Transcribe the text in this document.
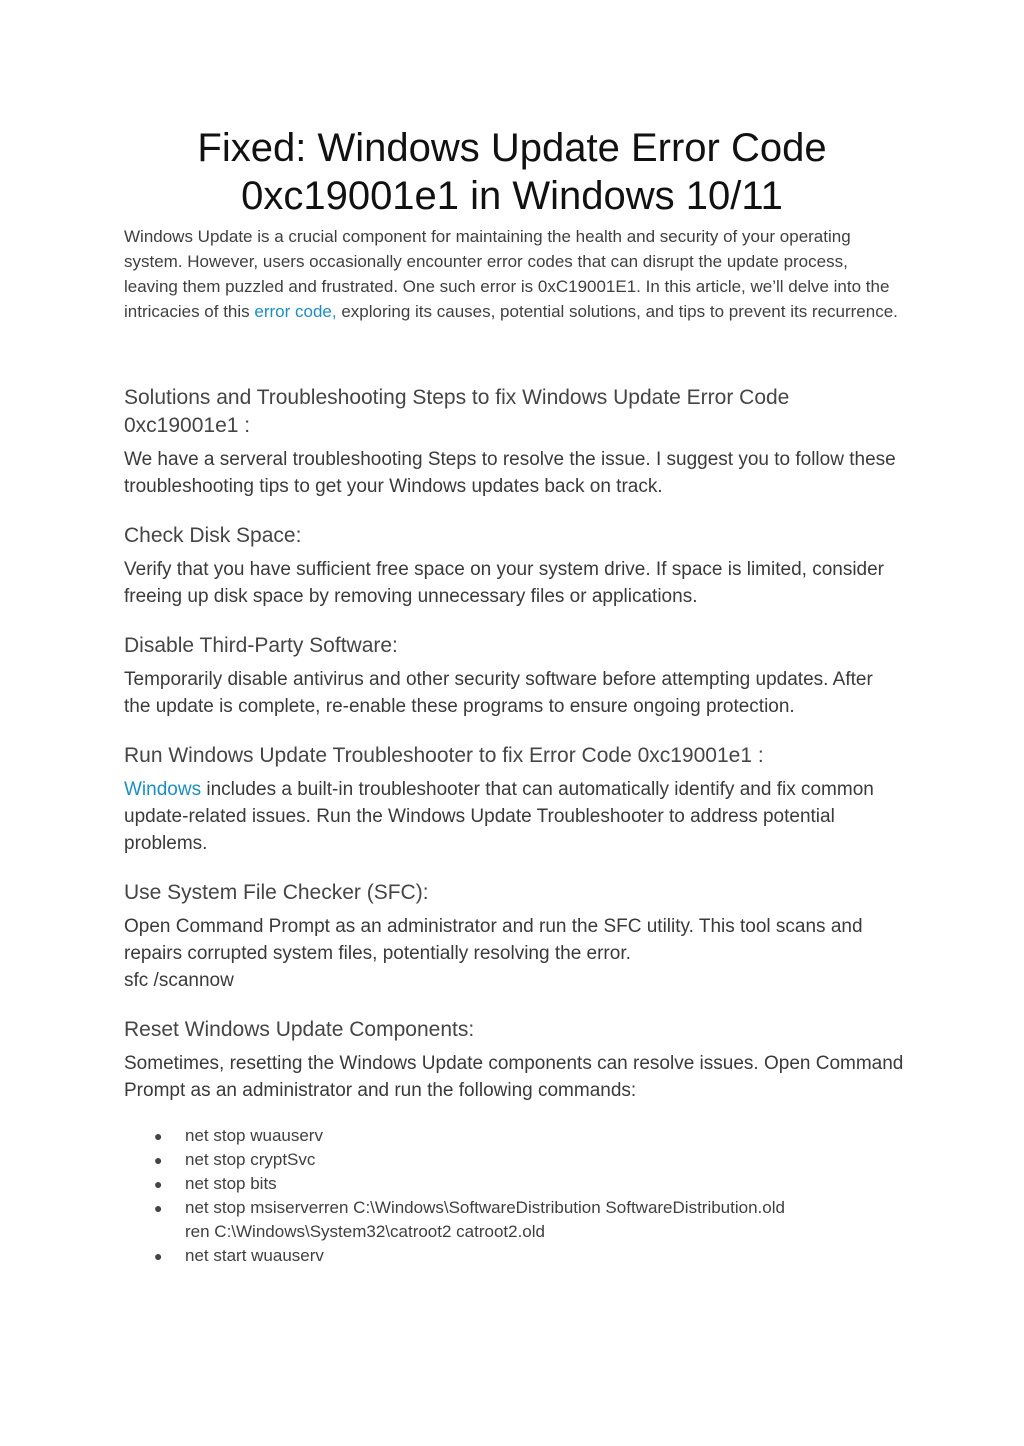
Fixed: Windows Update Error Code
0xc19001e1 in Windows 10/11

Windows Update is a crucial component for maintaining the health and security of your operating system. However, users occasionally encounter error codes that can disrupt the update process, leaving them puzzled and frustrated. One such error is 0xC19001E1. In this article, we’ll delve into the intricacies of this error code, exploring its causes, potential solutions, and tips to prevent its recurrence.

Solutions and Troubleshooting Steps to fix Windows Update Error Code 0xc19001e1 :

We have a serveral troubleshooting Steps to resolve the issue. I suggest you to follow these troubleshooting tips to get your Windows updates back on track.

Check Disk Space:

Verify that you have sufficient free space on your system drive. If space is limited, consider freeing up disk space by removing unnecessary files or applications.

Disable Third-Party Software:

Temporarily disable antivirus and other security software before attempting updates. After the update is complete, re-enable these programs to ensure ongoing protection.

Run Windows Update Troubleshooter to fix Error Code 0xc19001e1 :

Windows includes a built-in troubleshooter that can automatically identify and fix common update-related issues. Run the Windows Update Troubleshooter to address potential problems.

Use System File Checker (SFC):

Open Command Prompt as an administrator and run the SFC utility. This tool scans and repairs corrupted system files, potentially resolving the error.
sfc /scannow

Reset Windows Update Components:

Sometimes, resetting the Windows Update components can resolve issues. Open Command Prompt as an administrator and run the following commands:

● net stop wuauserv
● net stop cryptSvc
● net stop bits
● net stop msiserverren C:\Windows\SoftwareDistribution SoftwareDistribution.old
ren C:\Windows\System32\catroot2 catroot2.old
● net start wuauserv
